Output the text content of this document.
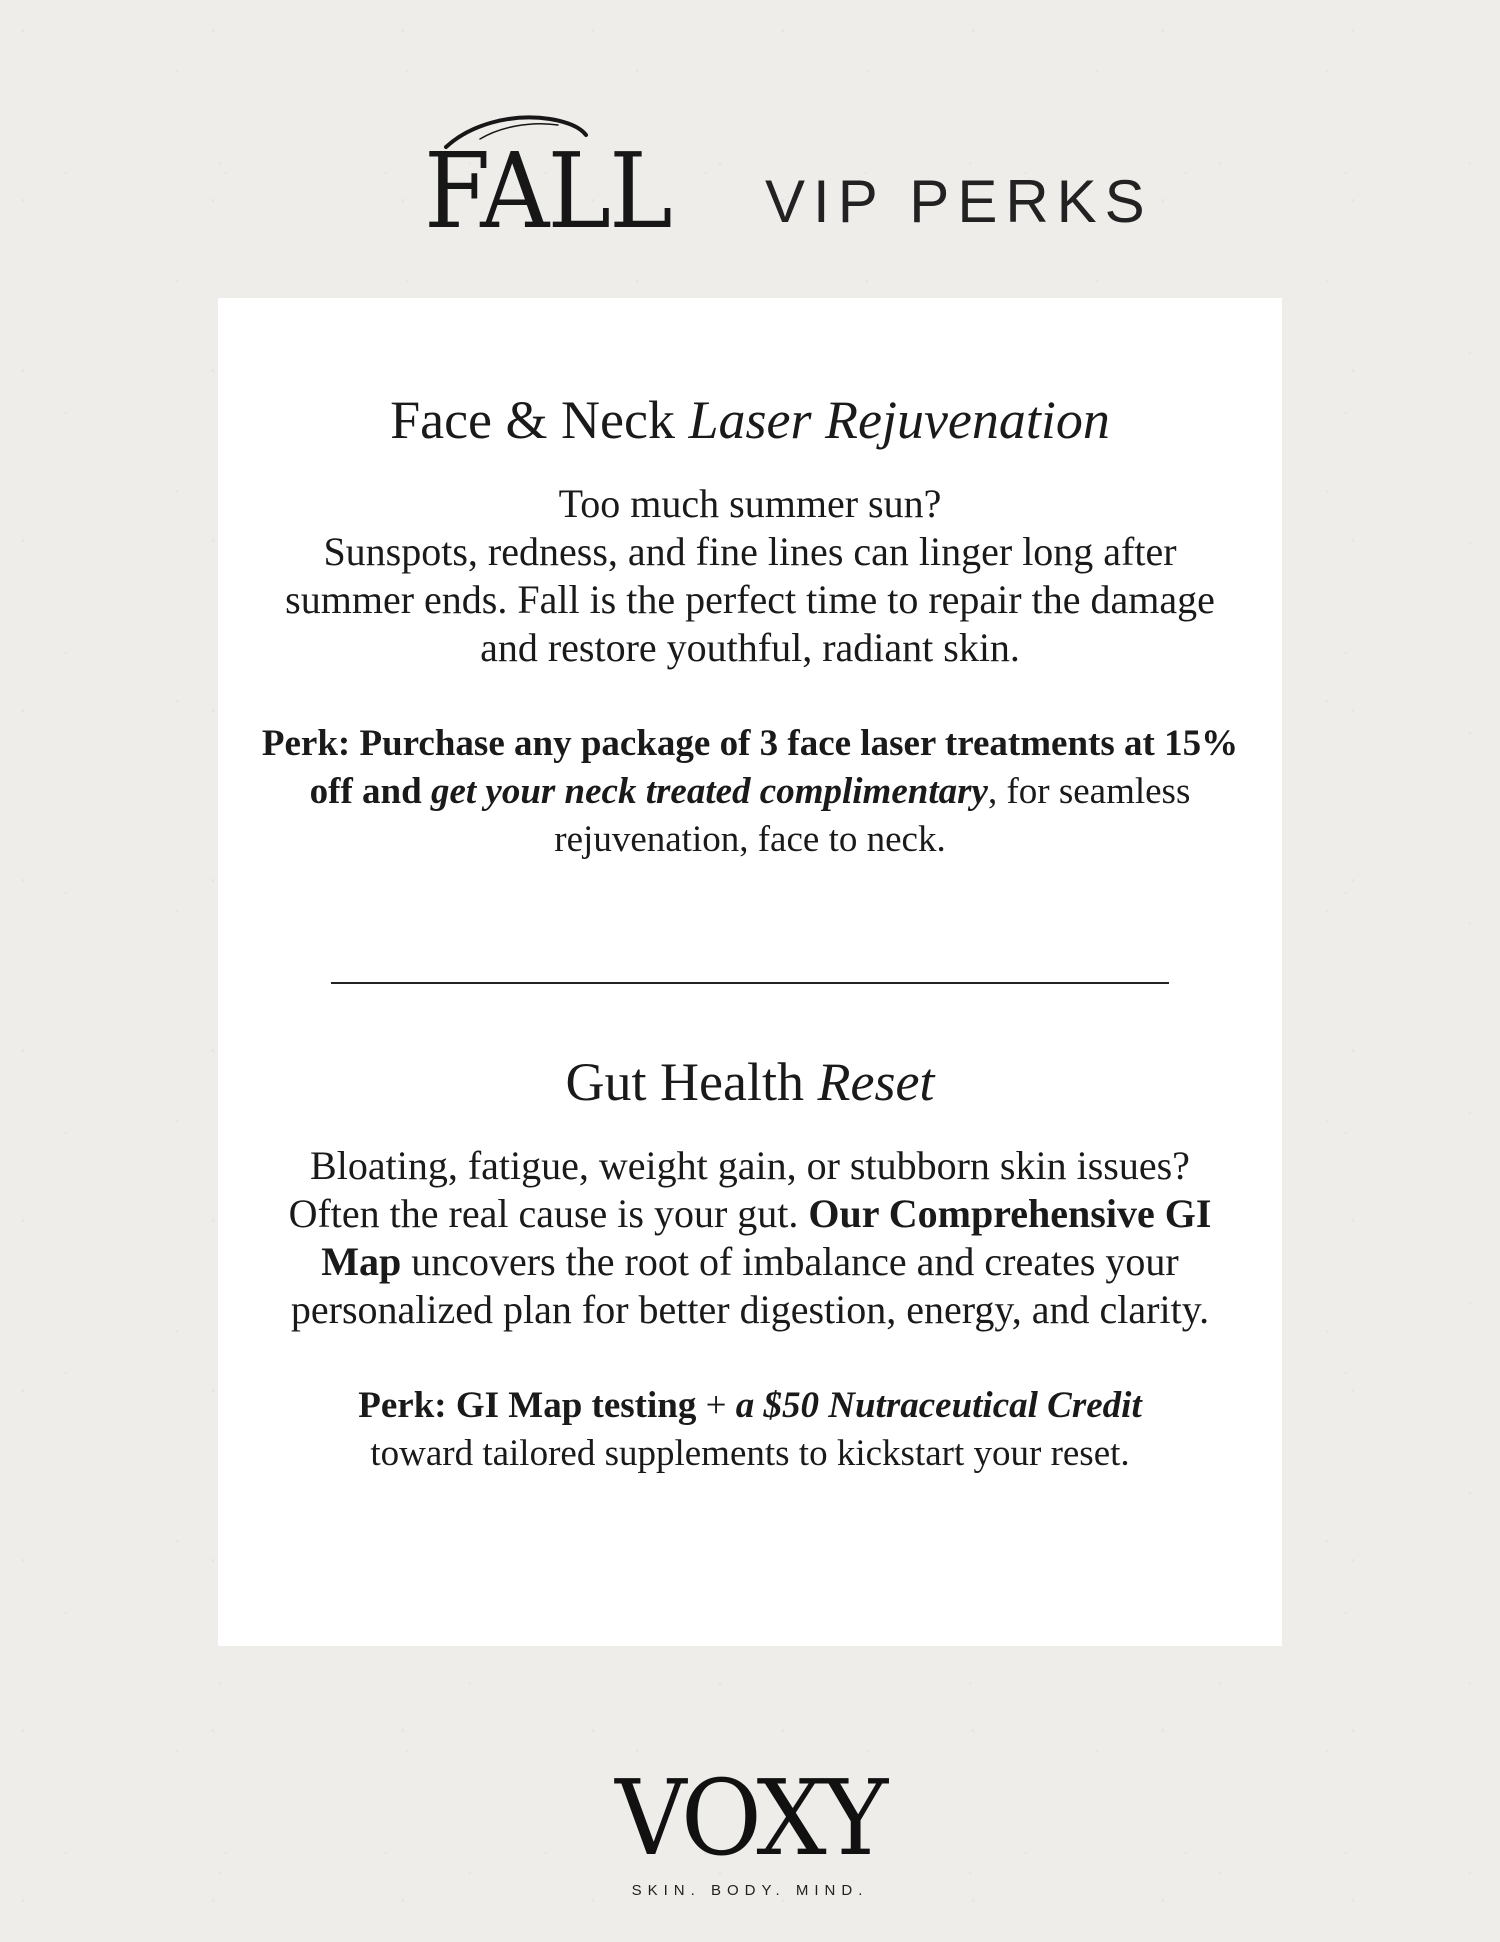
FALL VIP PERKS
Face & Neck Laser Rejuvenation

Too much summer sun?
Sunspots, redness, and fine lines can linger long after summer ends. Fall is the perfect time to repair the damage and restore youthful, radiant skin.

Perk: Purchase any package of 3 face laser treatments at 15% off and get your neck treated complimentary, for seamless rejuvenation, face to neck.

Gut Health Reset

Bloating, fatigue, weight gain, or stubborn skin issues? Often the real cause is your gut. Our Comprehensive GI Map uncovers the root of imbalance and creates your personalized plan for better digestion, energy, and clarity.

Perk: GI Map testing + a $50 Nutraceutical Credit
toward tailored supplements to kickstart your reset.

VOXY
SKIN. BODY. MIND.
